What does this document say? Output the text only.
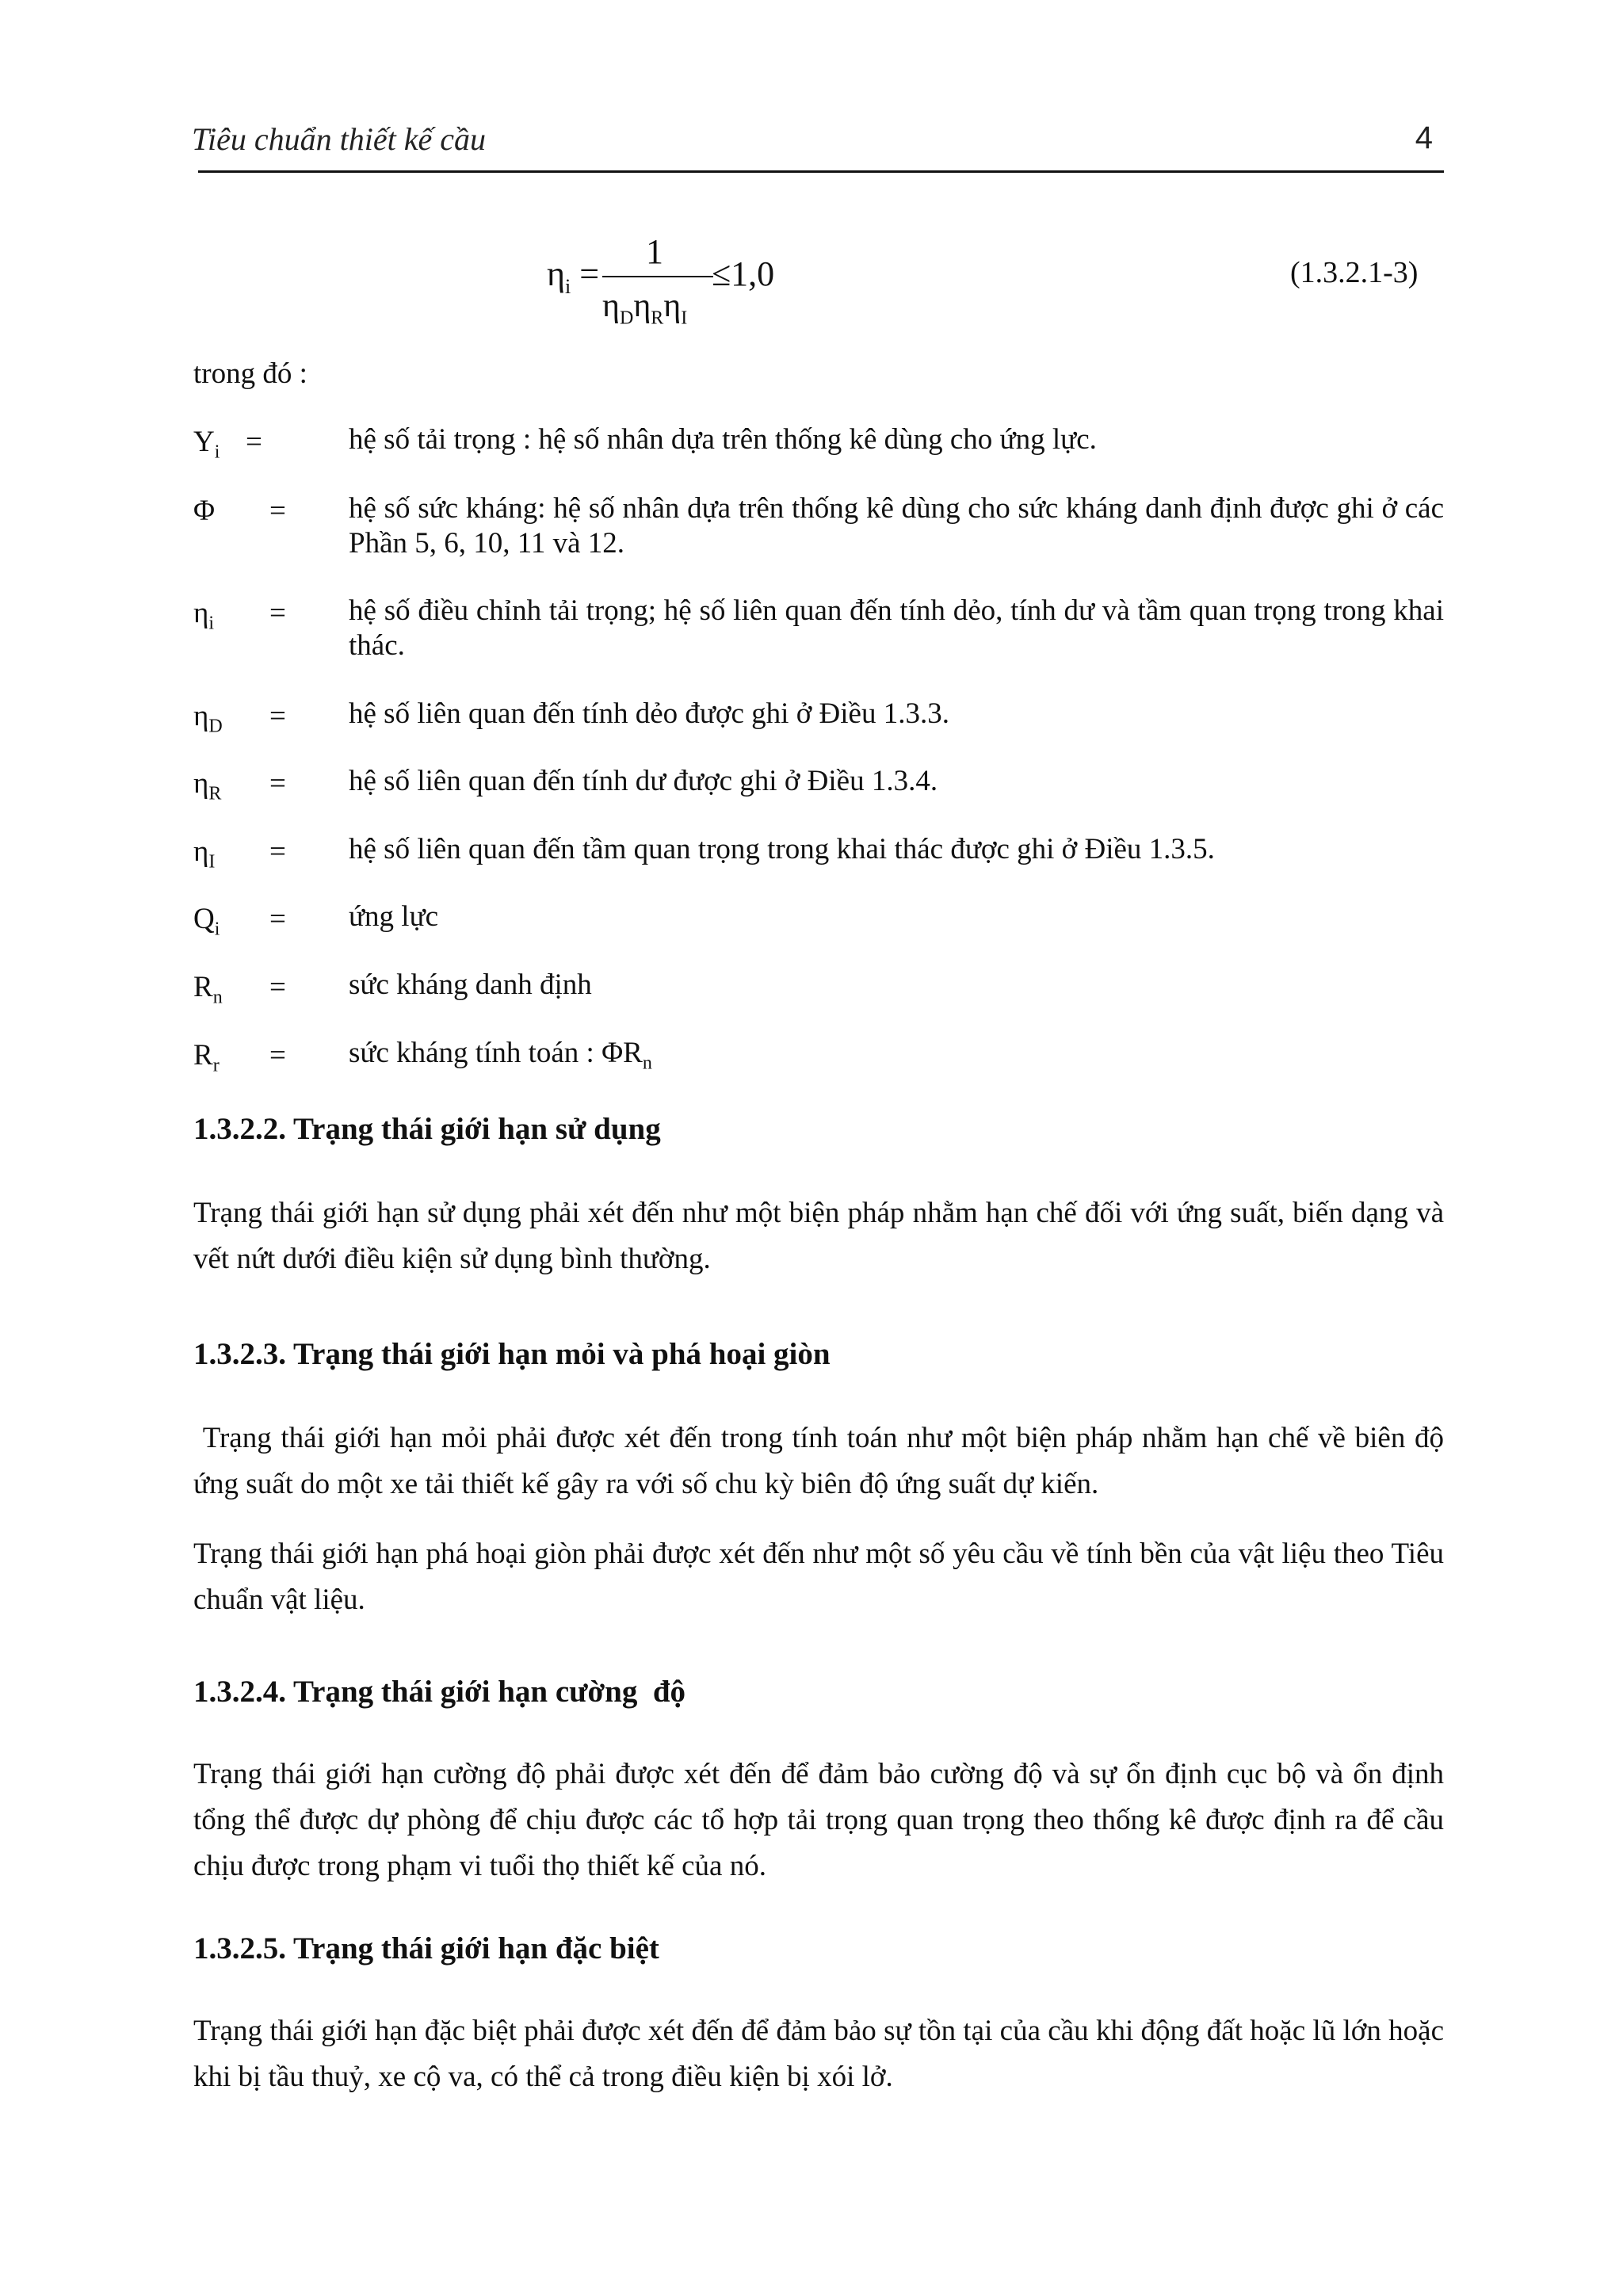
Tiêu chuẩn thiết kế cầu	4
$\eta_i$ =
1
≤1,0
$\eta_D\eta_R\eta_I$
(1.3.2.1-3)
trong đó :
$Y_i$ =	hệ số tải trọng : hệ số nhân dựa trên thống kê dùng cho ứng lực.
Φ = hệ số sức kháng: hệ số nhân dựa trên thống kê dùng cho sức kháng danh định được ghi ở các Phần 5, 6, 10, 11 và 12.
$\eta_i$ = hệ số điều chỉnh tải trọng; hệ số liên quan đến tính dẻo, tính dư và tầm quan trọng trong khai thác.
$\eta_D$ = hệ số liên quan đến tính dẻo được ghi ở Điều 1.3.3.
$\eta_R$ = hệ số liên quan đến tính dư được ghi ở Điều 1.3.4.
$\eta_I$ = hệ số liên quan đến tầm quan trọng trong khai thác được ghi ở Điều 1.3.5.
$Q_i$ = ứng lực
$R_n$ = sức kháng danh định
$R_r$ = sức kháng tính toán : $\Phi R_n$
1.3.2.2. Trạng thái giới hạn sử dụng
Trạng thái giới hạn sử dụng phải xét đến như một biện pháp nhằm hạn chế đối với ứng suất, biến dạng và vết nứt dưới điều kiện sử dụng bình thường.
1.3.2.3. Trạng thái giới hạn mỏi và phá hoại giòn
Trạng thái giới hạn mỏi phải được xét đến trong tính toán như một biện pháp nhằm hạn chế về biên độ ứng suất do một xe tải thiết kế gây ra với số chu kỳ biên độ ứng suất dự kiến.
Trạng thái giới hạn phá hoại giòn phải được xét đến như một số yêu cầu về tính bền của vật liệu theo Tiêu chuẩn vật liệu.
1.3.2.4. Trạng thái giới hạn cường  độ
Trạng thái giới hạn cường độ phải được xét đến để đảm bảo cường độ và sự ổn định cục bộ và ổn định tổng thể được dự phòng để chịu được các tổ hợp tải trọng quan trọng theo thống kê được định ra để cầu chịu được trong phạm vi tuổi thọ thiết kế của nó.
1.3.2.5. Trạng thái giới hạn đặc biệt
Trạng thái giới hạn đặc biệt phải được xét đến để đảm bảo sự tồn tại của cầu khi động đất hoặc lũ lớn hoặc khi bị tầu thuỷ, xe cộ va, có thể cả trong điều kiện bị xói lở.
